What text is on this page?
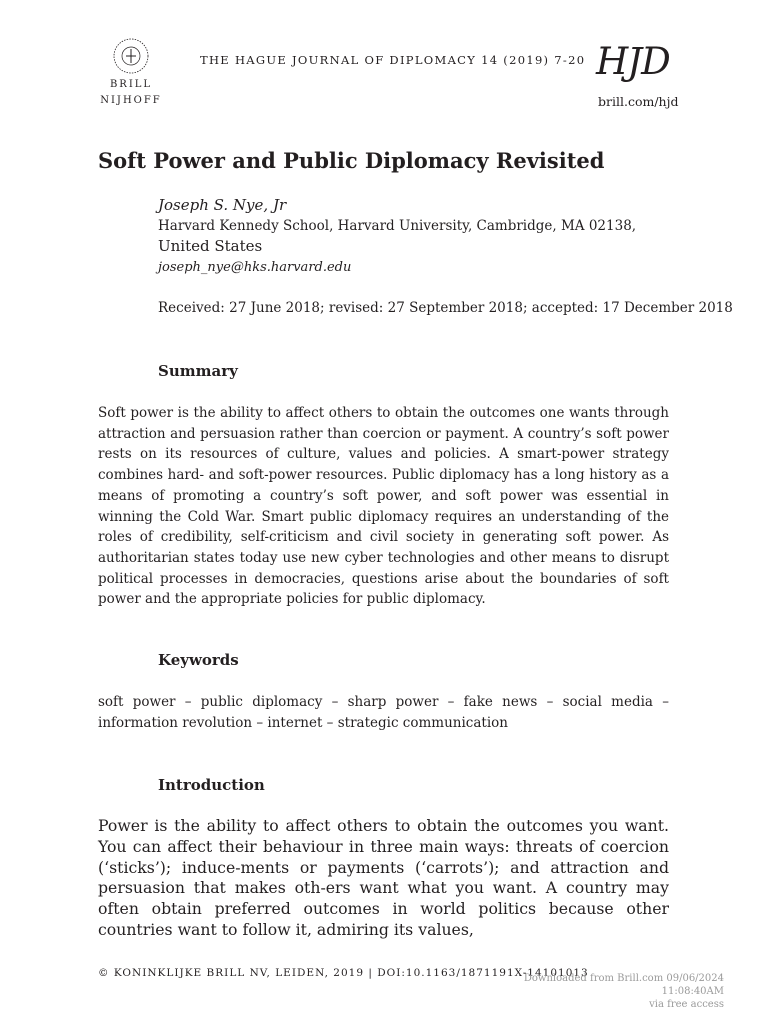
BRILL
NIJHOFF
THE HAGUE JOURNAL OF DIPLOMACY 14 (2019) 7-20 HJD
brill.com/hjd
Soft Power and Public Diplomacy Revisited
Joseph S. Nye, Jr
Harvard Kennedy School, Harvard University, Cambridge, MA 02138,
United States
joseph_nye@hks.harvard.edu
Received: 27 June 2018; revised: 27 September 2018; accepted: 17 December 2018
Summary
Soft power is the ability to affect others to obtain the outcomes one wants through attraction and persuasion rather than coercion or payment. A country’s soft power rests on its resources of culture, values and policies. A smart-power strategy combines hard- and soft-power resources. Public diplomacy has a long history as a means of promoting a country’s soft power, and soft power was essential in winning the Cold War. Smart public diplomacy requires an understanding of the roles of credibility, self-criticism and civil society in generating soft power. As authoritarian states today use new cyber technologies and other means to disrupt political processes in democracies, questions arise about the boundaries of soft power and the appropriate policies for public diplomacy.
Keywords
soft power – public diplomacy – sharp power – fake news – social media – information revolution – internet – strategic communication
Introduction
Power is the ability to affect others to obtain the outcomes you want. You can affect their behaviour in three main ways: threats of coercion (‘sticks’); induce-ments or payments (‘carrots’); and attraction and persuasion that makes oth-ers want what you want. A country may often obtain preferred outcomes in world politics because other countries want to follow it, admiring its values,
© KONINKLIJKE BRILL NV, LEIDEN, 2019 | DOI:10.1163/1871191X-14101013
Downloaded from Brill.com 09/06/2024 11:08:40AM
via free access
